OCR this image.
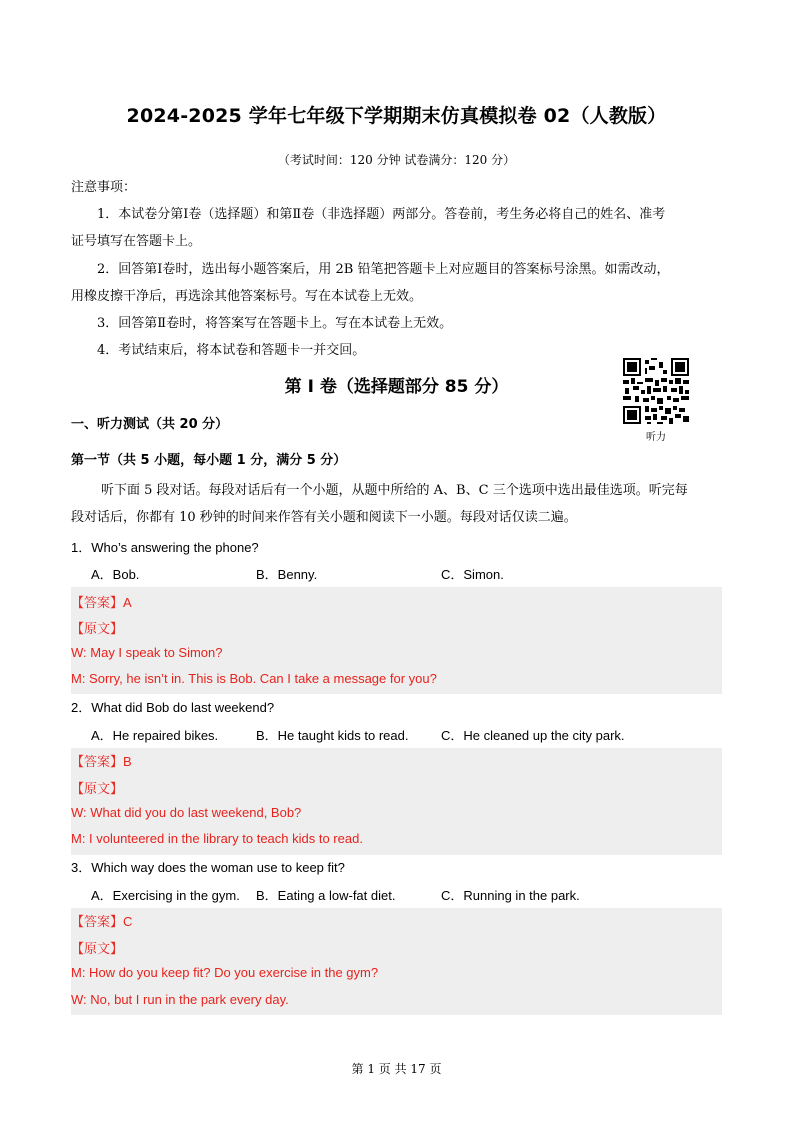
2024-2025 学年七年级下学期期末仿真模拟卷 02（人教版）
（考试时间：120 分钟 试卷满分：120 分）
注意事项：
1．本试卷分第Ⅰ卷（选择题）和第Ⅱ卷（非选择题）两部分。答卷前，考生务必将自己的姓名、准考
证号填写在答题卡上。
2．回答第Ⅰ卷时，选出每小题答案后，用 2B 铅笔把答题卡上对应题目的答案标号涂黑。如需改动，
用橡皮擦干净后，再选涂其他答案标号。写在本试卷上无效。
3．回答第Ⅱ卷时，将答案写在答题卡上。写在本试卷上无效。
4．考试结束后，将本试卷和答题卡一并交回。
第 I 卷（选择题部分 85 分）
听力
一、听力测试（共 20 分）
第一节（共 5 小题，每小题 1 分，满分 5 分）
听下面 5 段对话。每段对话后有一个小题，从题中所给的 A、B、C 三个选项中选出最佳选项。听完每
段对话后，你都有 10 秒钟的时间来作答有关小题和阅读下一小题。每段对话仅读二遍。
1．Who’s answering the phone?
A．Bob.	B．Benny.	C．Simon.
【答案】A
【原文】
W: May I speak to Simon?
M: Sorry, he isn’t in. This is Bob. Can I take a message for you?
2．What did Bob do last weekend?
A．He repaired bikes.	B．He taught kids to read.	C．He cleaned up the city park.
【答案】B
【原文】
W: What did you do last weekend, Bob?
M: I volunteered in the library to teach kids to read.
3．Which way does the woman use to keep fit?
A．Exercising in the gym. B．Eating a low-fat diet.	C．Running in the park.
【答案】C
【原文】
M: How do you keep fit? Do you exercise in the gym?
W: No, but I run in the park every day.
第 1 页 共 17 页
